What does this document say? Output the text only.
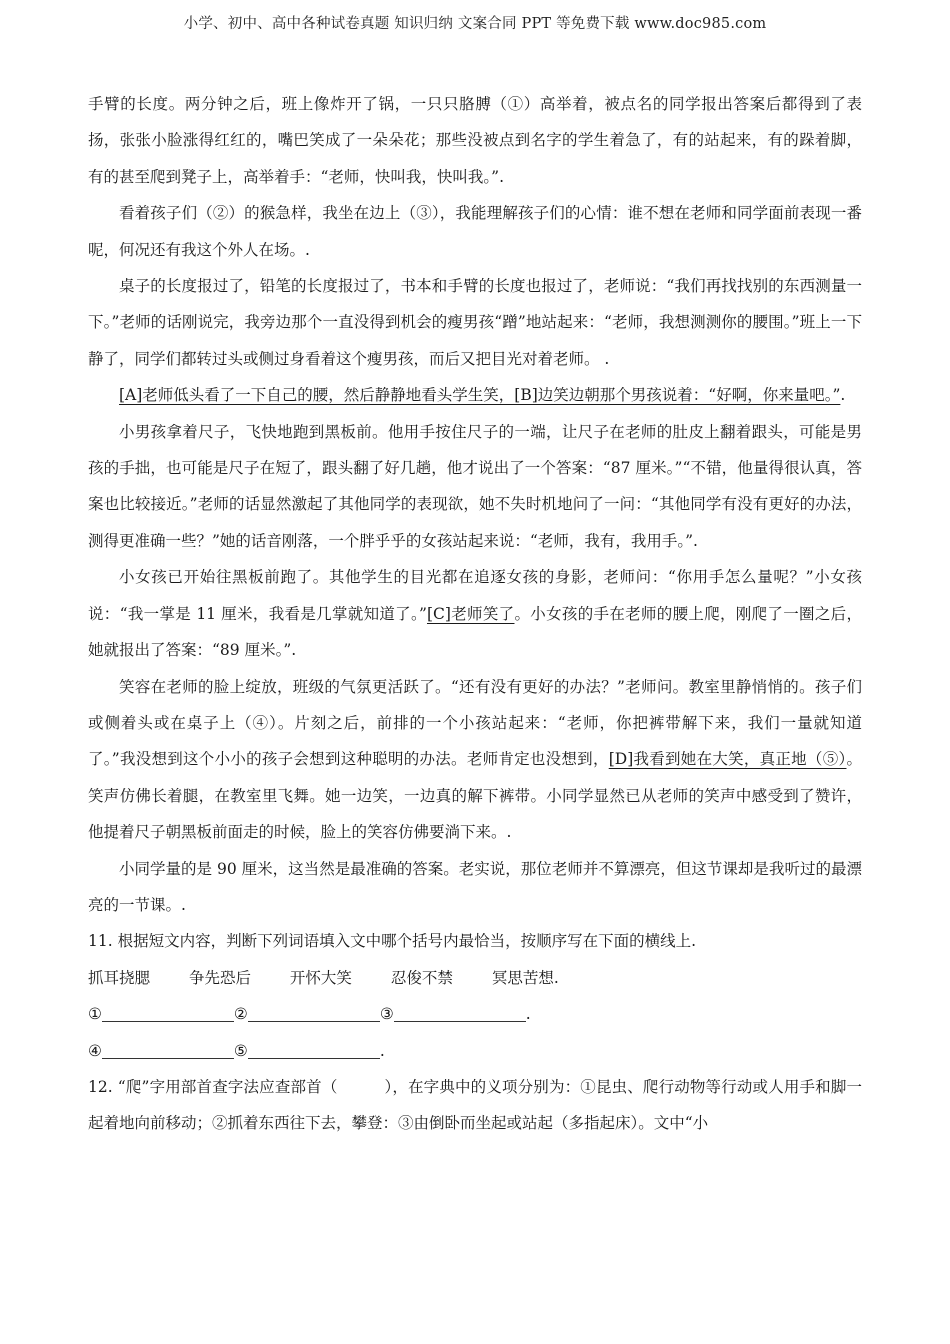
小学、初中、高中各种试卷真题 知识归纳 文案合同 PPT 等免费下载 www.doc985.com

手臂的长度。两分钟之后，班上像炸开了锅，一只只胳膊（①）高举着，被点名的同学报出答案后都得到了表扬，张张小脸涨得红红的，嘴巴笑成了一朵朵花；那些没被点到名字的学生着急了，有的站起来，有的跺着脚，有的甚至爬到凳子上，高举着手：“老师，快叫我，快叫我。”.

看着孩子们（②）的猴急样，我坐在边上（③），我能理解孩子们的心情：谁不想在老师和同学面前表现一番呢，何况还有我这个外人在场。.

桌子的长度报过了，铅笔的长度报过了，书本和手臂的长度也报过了，老师说：“我们再找找别的东西测量一下。”老师的话刚说完，我旁边那个一直没得到机会的瘦男孩“蹭”地站起来：“老师，我想测测你的腰围。”班上一下静了，同学们都转过头或侧过身看着这个瘦男孩，而后又把目光对着老师。 .

[A]老师低头看了一下自己的腰，然后静静地看头学生笑，[B]边笑边朝那个男孩说着：“好啊，你来量吧。”.

小男孩拿着尺子，飞快地跑到黑板前。他用手按住尺子的一端，让尺子在老师的肚皮上翻着跟头，可能是男孩的手拙，也可能是尺子在短了，跟头翻了好几趟，他才说出了一个答案：“87 厘米。”“不错，他量得很认真，答案也比较接近。”老师的话显然激起了其他同学的表现欲，她不失时机地问了一问：“其他同学有没有更好的办法，测得更准确一些？”她的话音刚落，一个胖乎乎的女孩站起来说：“老师，我有，我用手。”.

小女孩已开始往黑板前跑了。其他学生的目光都在追逐女孩的身影，老师问：“你用手怎么量呢？”小女孩说：“我一掌是 11 厘米，我看是几掌就知道了。”[C]老师笑了。小女孩的手在老师的腰上爬，刚爬了一圈之后，她就报出了答案：“89 厘米。”.

笑容在老师的脸上绽放，班级的气氛更活跃了。“还有没有更好的办法？”老师问。教室里静悄悄的。孩子们或侧着头或在桌子上（④）。片刻之后，前排的一个小孩站起来：“老师，你把裤带解下来，我们一量就知道了。”我没想到这个小小的孩子会想到这种聪明的办法。老师肯定也没想到，[D]我看到她在大笑，真正地（⑤）。笑声仿佛长着腿，在教室里飞舞。她一边笑，一边真的解下裤带。小同学显然已从老师的笑声中感受到了赞许，他提着尺子朝黑板前面走的时候，脸上的笑容仿佛要淌下来。.

小同学量的是 90 厘米，这当然是最准确的答案。老实说，那位老师并不算漂亮，但这节课却是我听过的最漂亮的一节课。.

11. 根据短文内容，判断下列词语填入文中哪个括号内最恰当，按顺序写在下面的横线上.

抓耳挠腮	争先恐后	开怀大笑	忍俊不禁	冥思苦想.

①	②	③	.

④	⑤	.

12. “爬”字用部首查字法应查部首（　　　），在字典中的义项分别为：①昆虫、爬行动物等行动或人用手和脚一起着地向前移动；②抓着东西往下去，攀登：③由倒卧而坐起或站起（多指起床）。文中“小
